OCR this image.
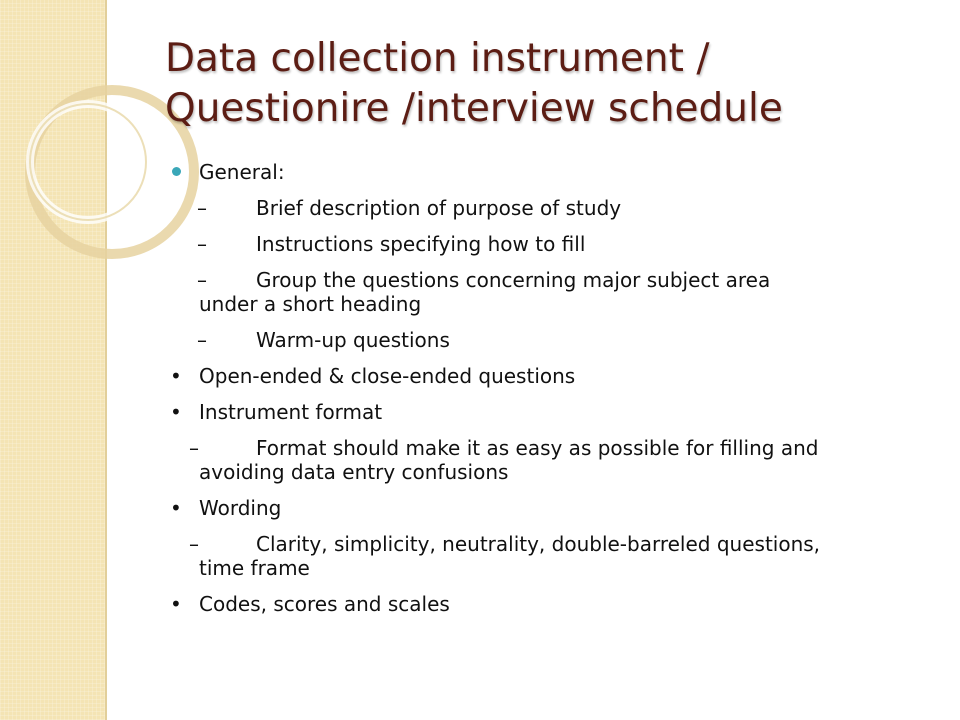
Data collection instrument /
Questionire /interview schedule
General:
–	Brief description of purpose of study
–	Instructions specifying how to fill
–	Group the questions concerning major subject area
under a short heading
–	Warm-up questions
• Open-ended & close-ended questions
• Instrument format
–	Format should make it as easy as possible for filling and
avoiding data entry confusions
• Wording
–	Clarity, simplicity, neutrality, double-barreled questions,
time frame
• Codes, scores and scales
